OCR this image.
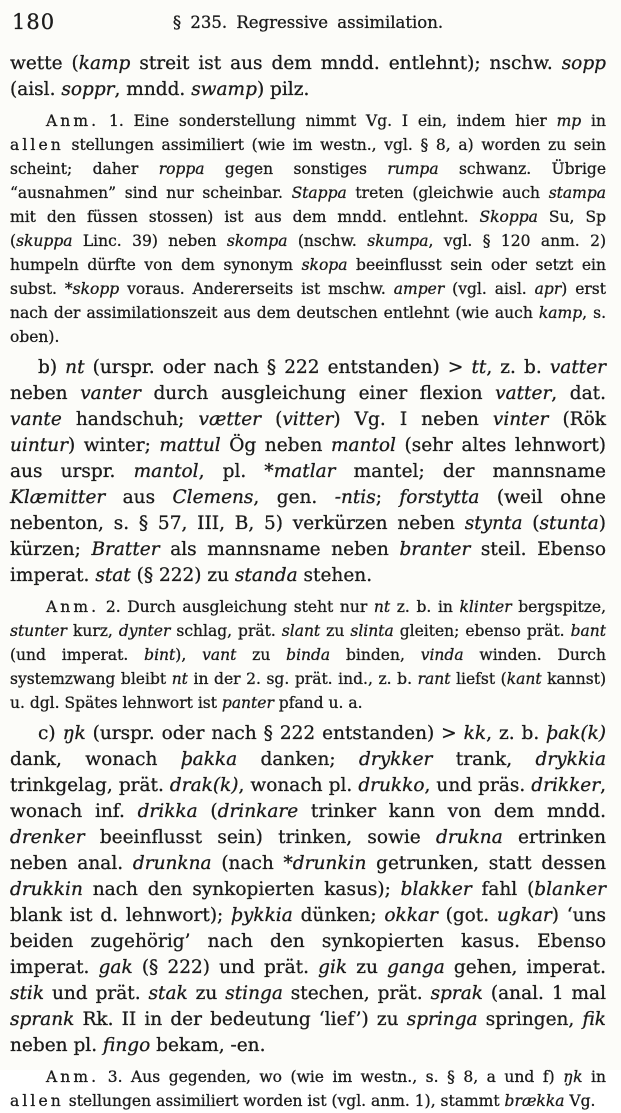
180	§ 235. Regressive assimilation.

wette (kamp streit ist aus dem mndd. entlehnt); nschw. sopp (aisl. soppr, mndd. swamp) pilz.

Anm. 1. Eine sonderstellung nimmt Vg. I ein, indem hier mp in allen stellungen assimiliert (wie im westn., vgl. § 8, a) worden zu sein scheint; daher roppa gegen sonstiges rumpa schwanz. Übrige “ausnahmen” sind nur scheinbar. Stappa treten (gleichwie auch stampa mit den füssen stossen) ist aus dem mndd. entlehnt. Skoppa Su, Sp (skuppa Linc. 39) neben skompa (nschw. skumpa, vgl. § 120 anm. 2) humpeln dürfte von dem synonym skopa beeinflusst sein oder setzt ein subst. *skopp voraus. Andererseits ist mschw. amper (vgl. aisl. apr) erst nach der assimilationszeit aus dem deutschen entlehnt (wie auch kamp, s. oben).

b) nt (urspr. oder nach § 222 entstanden) > tt, z. b. vatter neben vanter durch ausgleichung einer flexion vatter, dat. vante handschuh; vætter (vitter) Vg. I neben vinter (Rök uintur) winter; mattul Ög neben mantol (sehr altes lehnwort) aus urspr. mantol, pl. *matlar mantel; der mannsname Klæmitter aus Clemens, gen. -ntis; forstytta (weil ohne nebenton, s. § 57, III, B, 5) verkürzen neben stynta (stunta) kürzen; Bratter als mannsname neben branter steil. Ebenso imperat. stat (§ 222) zu standa stehen.

Anm. 2. Durch ausgleichung steht nur nt z. b. in klinter bergspitze, stunter kurz, dynter schlag, prät. slant zu slinta gleiten; ebenso prät. bant (und imperat. bint), vant zu binda binden, vinda winden. Durch systemzwang bleibt nt in der 2. sg. prät. ind., z. b. rant liefst (kant kannst) u. dgl. Spätes lehnwort ist panter pfand u. a.

c) ŋk (urspr. oder nach § 222 entstanden) > kk, z. b. þak(k) dank, wonach þakka danken; drykker trank, drykkia trinkgelag, prät. drak(k), wonach pl. drukko, und präs. drikker, wonach inf. drikka (drinkare trinker kann von dem mndd. drenker beeinflusst sein) trinken, sowie drukna ertrinken neben anal. drunkna (nach *drunkin getrunken, statt dessen drukkin nach den synkopierten kasus); blakker fahl (blanker blank ist d. lehnwort); þykkia dünken; okkar (got. ugkar) ‘uns beiden zugehörig’ nach den synkopierten kasus. Ebenso imperat. gak (§ 222) und prät. gik zu ganga gehen, imperat. stik und prät. stak zu stinga stechen, prät. sprak (anal. 1 mal sprank Rk. II in der bedeutung ‘lief’) zu springa springen, fik neben pl. fingo bekam, -en.

Anm. 3. Aus gegenden, wo (wie im westn., s. § 8, a und f) ŋk in allen stellungen assimiliert worden ist (vgl. anm. 1), stammt brækka Vg.
